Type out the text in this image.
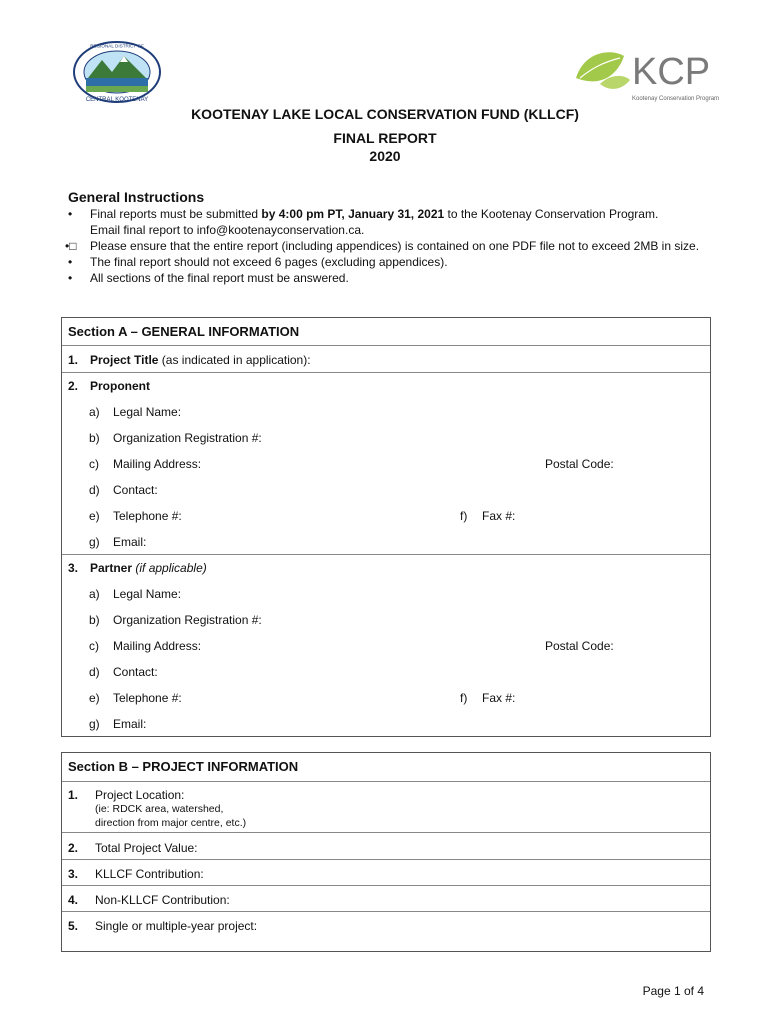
REGIONAL DISTRICT OF
CENTRAL KOOTENAY
KCP
Kootenay Conservation Program
KOOTENAY LAKE LOCAL CONSERVATION FUND (KLLCF)
FINAL REPORT
2020
General Instructions
• Final reports must be submitted by 4:00 pm PT, January 31, 2021 to the Kootenay Conservation Program.
Email final report to info@kootenayconservation.ca.
•□ Please ensure that the entire report (including appendices) is contained on one PDF file not to exceed 2MB in size.
• The final report should not exceed 6 pages (excluding appendices).
• All sections of the final report must be answered.
Section A – GENERAL INFORMATION
1. Project Title (as indicated in application):
2. Proponent
a) Legal Name:
b) Organization Registration #:
c) Mailing Address:	Postal Code:
d) Contact:
e) Telephone #:	f) Fax #:
g) Email:
3. Partner (if applicable)
a) Legal Name:
b) Organization Registration #:
c) Mailing Address:	Postal Code:
d) Contact:
e) Telephone #:	f) Fax #:
g) Email:
Section B – PROJECT INFORMATION
1. Project Location:
(ie: RDCK area, watershed,
direction from major centre, etc.)
2. Total Project Value:
3. KLLCF Contribution:
4. Non-KLLCF Contribution:
5. Single or multiple-year project:
Page 1 of 4
